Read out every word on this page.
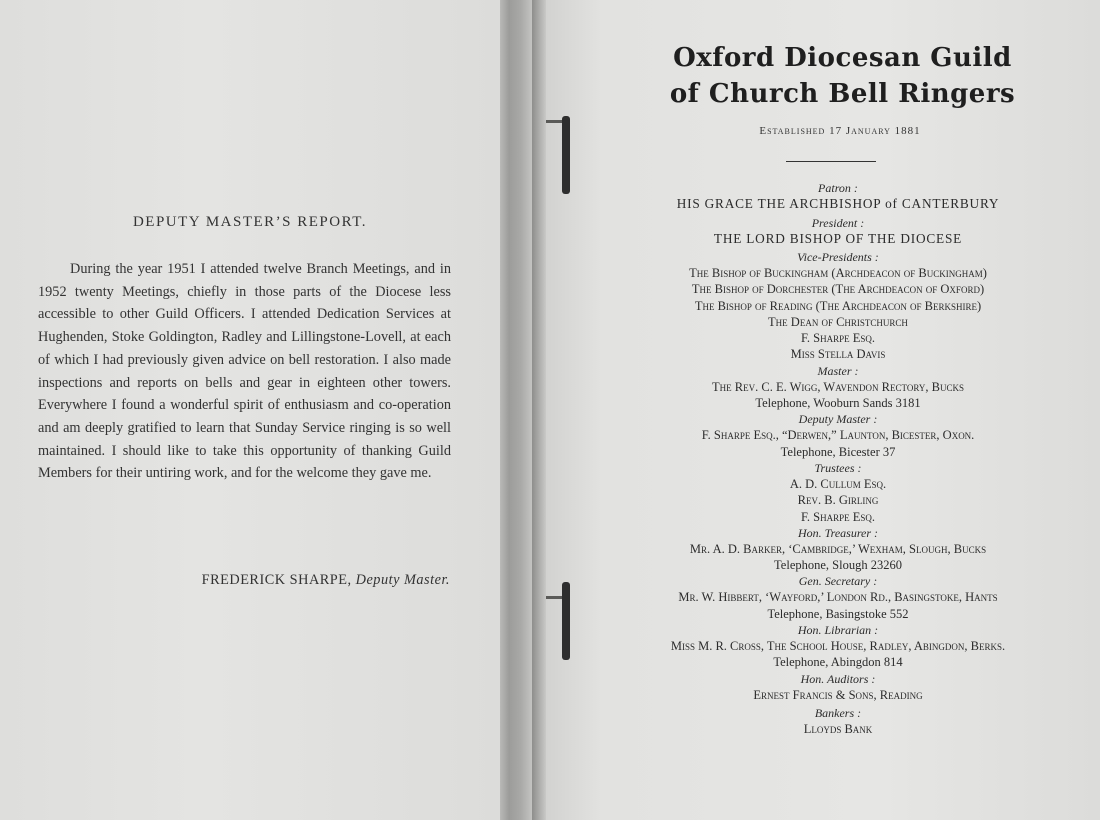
DEPUTY MASTER’S REPORT.

During the year 1951 I attended twelve Branch Meetings, and in 1952 twenty Meetings, chiefly in those parts of the Diocese less accessible to other Guild Officers. I attended Dedication Services at Hughenden, Stoke Goldington, Radley and Lillingstone-Lovell, at each of which I had previously given advice on bell restoration. I also made inspections and reports on bells and gear in eighteen other towers. Everywhere I found a wonderful spirit of enthusiasm and co-operation and am deeply gratified to learn that Sunday Service ringing is so well maintained. I should like to take this opportunity of thanking Guild Members for their untiring work, and for the welcome they gave me.

FREDERICK SHARPE, Deputy Master.
Oxford Diocesan Guild
of Church Bell Ringers
Established 17 January 1881
Patron :
HIS GRACE THE ARCHBISHOP of CANTERBURY
President :
THE LORD BISHOP OF THE DIOCESE
Vice-Presidents :
The Bishop of Buckingham (Archdeacon of Buckingham)
The Bishop of Dorchester (The Archdeacon of Oxford)
The Bishop of Reading (The Archdeacon of Berkshire)
The Dean of Christchurch
F. Sharpe Esq.
Miss Stella Davis
Master :
The Rev. C. E. Wigg, Wavendon Rectory, Bucks
Telephone, Wooburn Sands 3181
Deputy Master :
F. Sharpe Esq., “Derwen,” Launton, Bicester, Oxon.
Telephone, Bicester 37
Trustees :
A. D. Cullum Esq.
Rev. B. Girling
F. Sharpe Esq.
Hon. Treasurer :
Mr. A. D. Barker, ‘Cambridge,’ Wexham, Slough, Bucks
Telephone, Slough 23260
Gen. Secretary :
Mr. W. Hibbert, ‘Wayford,’ London Rd., Basingstoke, Hants
Telephone, Basingstoke 552
Hon. Librarian :
Miss M. R. Cross, The School House, Radley, Abingdon, Berks.
Telephone, Abingdon 814
Hon. Auditors :
Ernest Francis & Sons, Reading
Bankers :
Lloyds Bank
